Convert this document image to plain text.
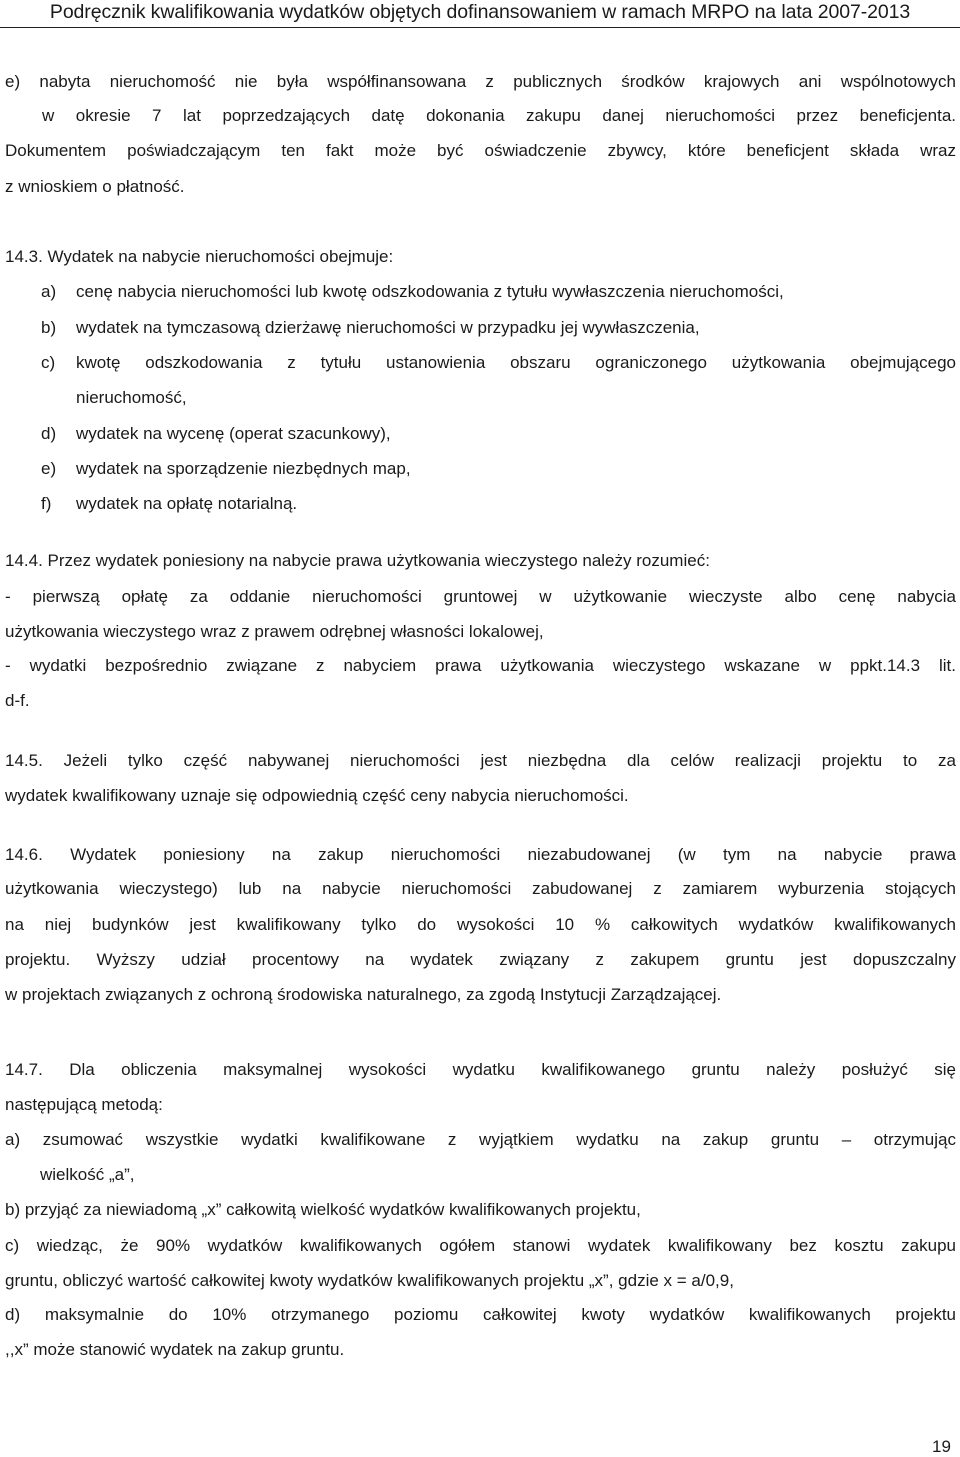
Podręcznik kwalifikowania wydatków objętych dofinansowaniem w ramach MRPO na lata 2007-2013
e) nabyta nieruchomość nie była współfinansowana z publicznych środków krajowych ani wspólnotowych
w okresie 7 lat poprzedzających datę dokonania zakupu danej nieruchomości przez beneficjenta.
Dokumentem poświadczającym ten fakt może być oświadczenie zbywcy, które beneficjent składa wraz
z wnioskiem o płatność.
14.3. Wydatek na nabycie nieruchomości obejmuje:
a) cenę nabycia nieruchomości lub kwotę odszkodowania z tytułu wywłaszczenia nieruchomości,
b) wydatek na tymczasową dzierżawę nieruchomości w przypadku jej wywłaszczenia,
c) kwotę odszkodowania z tytułu ustanowienia obszaru ograniczonego użytkowania obejmującego
nieruchomość,
d) wydatek na wycenę (operat szacunkowy),
e) wydatek na sporządzenie niezbędnych map,
f) wydatek na opłatę notarialną.
14.4. Przez wydatek poniesiony na nabycie prawa użytkowania wieczystego należy rozumieć:
- pierwszą opłatę za oddanie nieruchomości gruntowej w użytkowanie wieczyste albo cenę nabycia
użytkowania wieczystego wraz z prawem odrębnej własności lokalowej,
- wydatki bezpośrednio związane z nabyciem prawa użytkowania wieczystego wskazane w ppkt.14.3 lit.
d-f.
14.5. Jeżeli tylko część nabywanej nieruchomości jest niezbędna dla celów realizacji projektu to za
wydatek kwalifikowany uznaje się odpowiednią część ceny nabycia nieruchomości.
14.6. Wydatek poniesiony na zakup nieruchomości niezabudowanej (w tym na nabycie prawa
użytkowania wieczystego) lub na nabycie nieruchomości zabudowanej z zamiarem wyburzenia stojących
na niej budynków jest kwalifikowany tylko do wysokości 10 % całkowitych wydatków kwalifikowanych
projektu. Wyższy udział procentowy na wydatek związany z zakupem gruntu jest dopuszczalny
w projektach związanych z ochroną środowiska naturalnego, za zgodą Instytucji Zarządzającej.
14.7. Dla obliczenia maksymalnej wysokości wydatku kwalifikowanego gruntu należy posłużyć się
następującą metodą:
a) zsumować wszystkie wydatki kwalifikowane z wyjątkiem wydatku na zakup gruntu – otrzymując
wielkość „a”,
b) przyjąć za niewiadomą „x” całkowitą wielkość wydatków kwalifikowanych projektu,
c) wiedząc, że 90% wydatków kwalifikowanych ogółem stanowi wydatek kwalifikowany bez kosztu zakupu
gruntu, obliczyć wartość całkowitej kwoty wydatków kwalifikowanych projektu „x”, gdzie x = a/0,9,
d) maksymalnie do 10% otrzymanego poziomu całkowitej kwoty wydatków kwalifikowanych projektu
,,x” może stanowić wydatek na zakup gruntu.
19
